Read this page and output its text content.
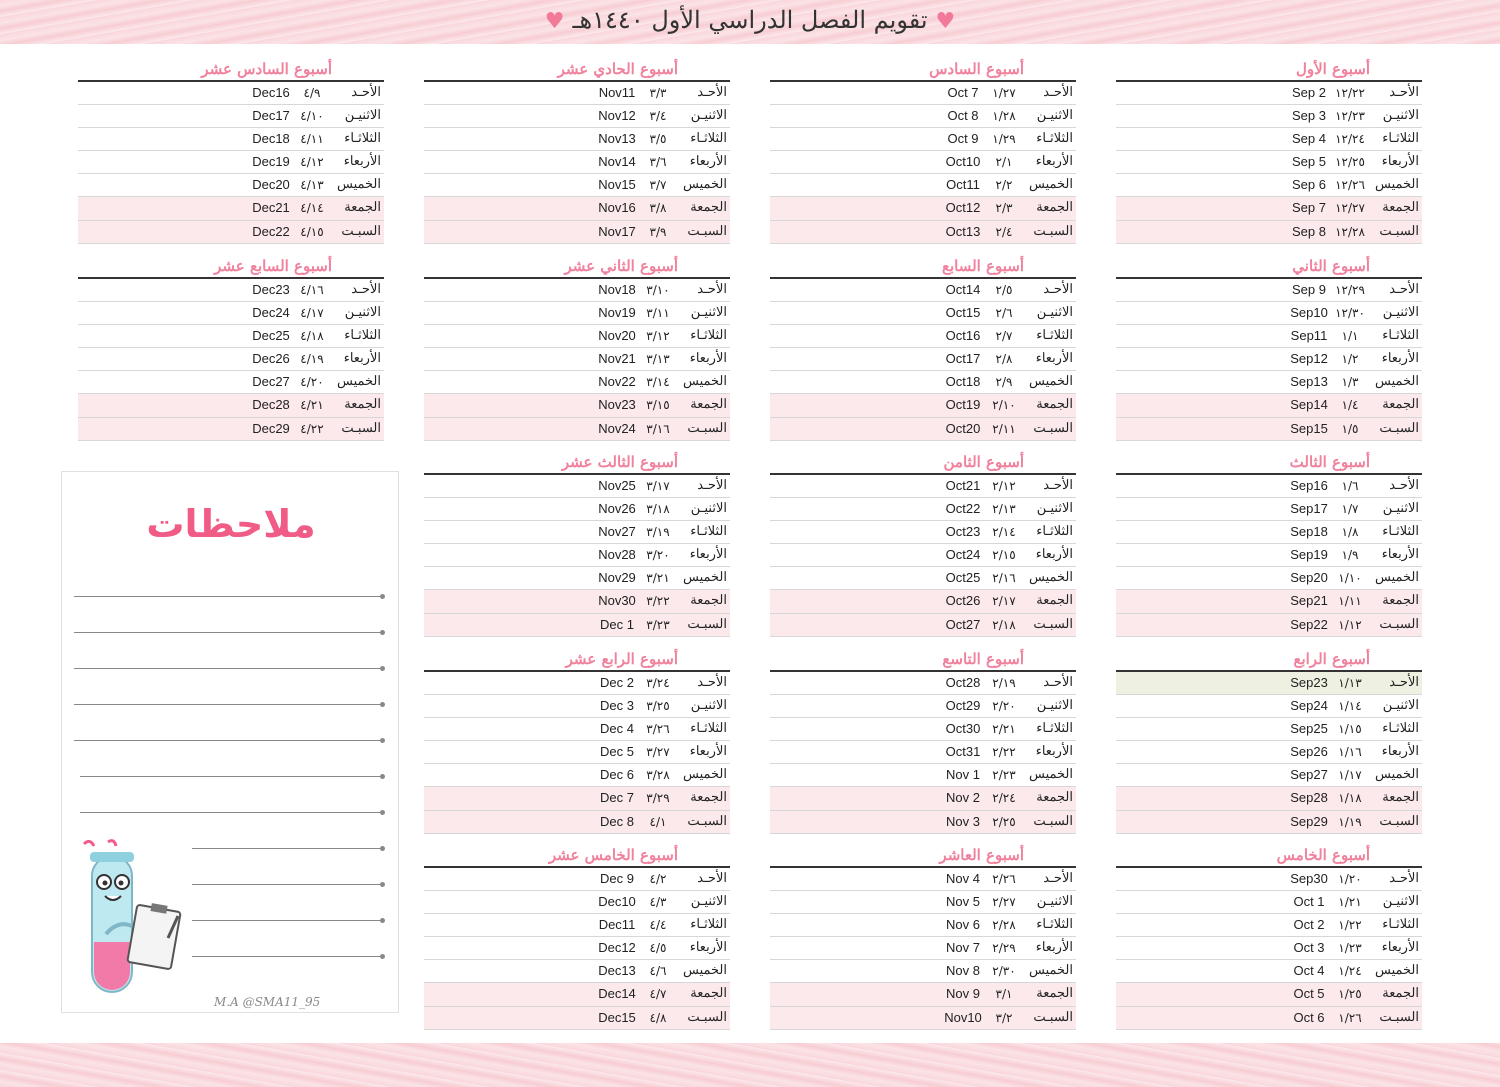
♥تقويم الفصل الدراسي الأول ١٤٤٠هـ♥
أسبوع الأول
الأحـد
١٢/٢٢
Sep 2
الاثنيـن
١٢/٢٣
Sep 3
الثلاثـاء
١٢/٢٤
Sep 4
الأربعاء
١٢/٢٥
Sep 5
الخميس
١٢/٢٦
Sep 6
الجمعة
١٢/٢٧
Sep 7
السبـت
١٢/٢٨
Sep 8
أسبوع الثاني
الأحـد
١٢/٢٩
Sep 9
الاثنيـن
١٢/٣٠
Sep10
الثلاثـاء
١/١
Sep11
الأربعاء
١/٢
Sep12
الخميس
١/٣
Sep13
الجمعة
١/٤
Sep14
السبـت
١/٥
Sep15
أسبوع الثالث
الأحـد
١/٦
Sep16
الاثنيـن
١/٧
Sep17
الثلاثـاء
١/٨
Sep18
الأربعاء
١/٩
Sep19
الخميس
١/١٠
Sep20
الجمعة
١/١١
Sep21
السبـت
١/١٢
Sep22
أسبوع الرابع
الأحـد
١/١٣
Sep23
الاثنيـن
١/١٤
Sep24
الثلاثـاء
١/١٥
Sep25
الأربعاء
١/١٦
Sep26
الخميس
١/١٧
Sep27
الجمعة
١/١٨
Sep28
السبـت
١/١٩
Sep29
أسبوع الخامس
الأحـد
١/٢٠
Sep30
الاثنيـن
١/٢١
Oct 1
الثلاثـاء
١/٢٢
Oct 2
الأربعاء
١/٢٣
Oct 3
الخميس
١/٢٤
Oct 4
الجمعة
١/٢٥
Oct 5
السبـت
١/٢٦
Oct 6
أسبوع السادس
الأحـد
١/٢٧
Oct 7
الاثنيـن
١/٢٨
Oct 8
الثلاثـاء
١/٢٩
Oct 9
الأربعاء
٢/١
Oct10
الخميس
٢/٢
Oct11
الجمعة
٢/٣
Oct12
السبـت
٢/٤
Oct13
أسبوع السابع
الأحـد
٢/٥
Oct14
الاثنيـن
٢/٦
Oct15
الثلاثـاء
٢/٧
Oct16
الأربعاء
٢/٨
Oct17
الخميس
٢/٩
Oct18
الجمعة
٢/١٠
Oct19
السبـت
٢/١١
Oct20
أسبوع الثامن
الأحـد
٢/١٢
Oct21
الاثنيـن
٢/١٣
Oct22
الثلاثـاء
٢/١٤
Oct23
الأربعاء
٢/١٥
Oct24
الخميس
٢/١٦
Oct25
الجمعة
٢/١٧
Oct26
السبـت
٢/١٨
Oct27
أسبوع التاسع
الأحـد
٢/١٩
Oct28
الاثنيـن
٢/٢٠
Oct29
الثلاثـاء
٢/٢١
Oct30
الأربعاء
٢/٢٢
Oct31
الخميس
٢/٢٣
Nov 1
الجمعة
٢/٢٤
Nov 2
السبـت
٢/٢٥
Nov 3
أسبوع العاشر
الأحـد
٢/٢٦
Nov 4
الاثنيـن
٢/٢٧
Nov 5
الثلاثـاء
٢/٢٨
Nov 6
الأربعاء
٢/٢٩
Nov 7
الخميس
٢/٣٠
Nov 8
الجمعة
٣/١
Nov 9
السبـت
٣/٢
Nov10
أسبوع الحادي عشر
الأحـد
٣/٣
Nov11
الاثنيـن
٣/٤
Nov12
الثلاثـاء
٣/٥
Nov13
الأربعاء
٣/٦
Nov14
الخميس
٣/٧
Nov15
الجمعة
٣/٨
Nov16
السبـت
٣/٩
Nov17
أسبوع الثاني عشر
الأحـد
٣/١٠
Nov18
الاثنيـن
٣/١١
Nov19
الثلاثـاء
٣/١٢
Nov20
الأربعاء
٣/١٣
Nov21
الخميس
٣/١٤
Nov22
الجمعة
٣/١٥
Nov23
السبـت
٣/١٦
Nov24
أسبوع الثالث عشر
الأحـد
٣/١٧
Nov25
الاثنيـن
٣/١٨
Nov26
الثلاثـاء
٣/١٩
Nov27
الأربعاء
٣/٢٠
Nov28
الخميس
٣/٢١
Nov29
الجمعة
٣/٢٢
Nov30
السبـت
٣/٢٣
Dec 1
أسبوع الرابع عشر
الأحـد
٣/٢٤
Dec 2
الاثنيـن
٣/٢٥
Dec 3
الثلاثـاء
٣/٢٦
Dec 4
الأربعاء
٣/٢٧
Dec 5
الخميس
٣/٢٨
Dec 6
الجمعة
٣/٢٩
Dec 7
السبـت
٤/١
Dec 8
أسبوع الخامس عشر
الأحـد
٤/٢
Dec 9
الاثنيـن
٤/٣
Dec10
الثلاثـاء
٤/٤
Dec11
الأربعاء
٤/٥
Dec12
الخميس
٤/٦
Dec13
الجمعة
٤/٧
Dec14
السبـت
٤/٨
Dec15
أسبوع السادس عشر
الأحـد
٤/٩
Dec16
الاثنيـن
٤/١٠
Dec17
الثلاثـاء
٤/١١
Dec18
الأربعاء
٤/١٢
Dec19
الخميس
٤/١٣
Dec20
الجمعة
٤/١٤
Dec21
السبـت
٤/١٥
Dec22
أسبوع السابع عشر
الأحـد
٤/١٦
Dec23
الاثنيـن
٤/١٧
Dec24
الثلاثـاء
٤/١٨
Dec25
الأربعاء
٤/١٩
Dec26
الخميس
٤/٢٠
Dec27
الجمعة
٤/٢١
Dec28
السبـت
٤/٢٢
Dec29
ملاحظات
M.A @SMA11_95
